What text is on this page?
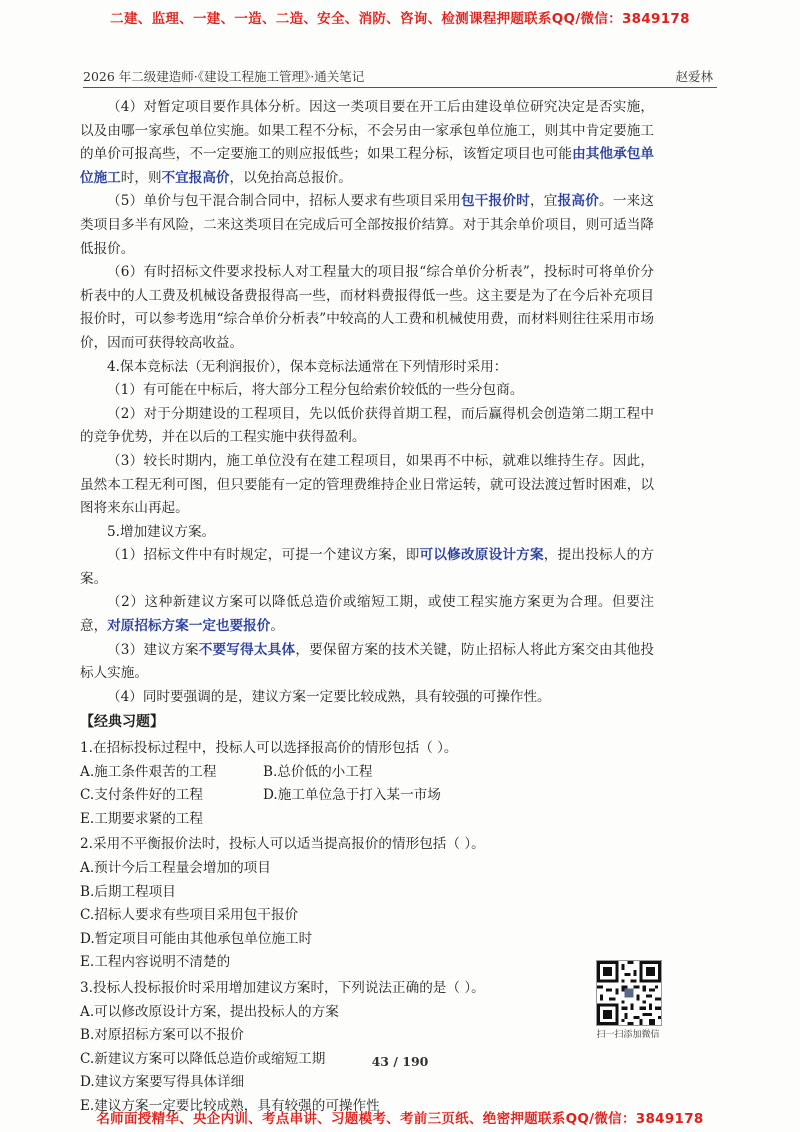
二建、监理、一建、一造、二造、安全、消防、咨询、检测课程押题联系QQ/微信：3849178
2026 年二级建造师·《建设工程施工管理》·通关笔记	赵爱林

（4）对暂定项目要作具体分析。因这一类项目要在开工后由建设单位研究决定是否实施，以及由哪一家承包单位实施。如果工程不分标，不会另由一家承包单位施工，则其中肯定要施工的单价可报高些，不一定要施工的则应报低些；如果工程分标，该暂定项目也可能由其他承包单位施工时，则不宜报高价，以免抬高总报价。

（5）单价与包干混合制合同中，招标人要求有些项目采用包干报价时，宜报高价。一来这类项目多半有风险，二来这类项目在完成后可全部按报价结算。对于其余单价项目，则可适当降低报价。

（6）有时招标文件要求投标人对工程量大的项目报“综合单价分析表”，投标时可将单价分析表中的人工费及机械设备费报得高一些，而材料费报得低一些。这主要是为了在今后补充项目报价时，可以参考选用“综合单价分析表”中较高的人工费和机械使用费，而材料则往往采用市场价，因而可获得较高收益。

4.保本竞标法（无利润报价），保本竞标法通常在下列情形时采用：

（1）有可能在中标后，将大部分工程分包给索价较低的一些分包商。

（2）对于分期建设的工程项目，先以低价获得首期工程，而后赢得机会创造第二期工程中的竞争优势，并在以后的工程实施中获得盈利。

（3）较长时期内，施工单位没有在建工程项目，如果再不中标，就难以维持生存。因此，虽然本工程无利可图，但只要能有一定的管理费维持企业日常运转，就可设法渡过暂时困难，以图将来东山再起。

5.增加建议方案。

（1）招标文件中有时规定，可提一个建议方案，即可以修改原设计方案，提出投标人的方案。

（2）这种新建议方案可以降低总造价或缩短工期，或使工程实施方案更为合理。但要注意，对原招标方案一定也要报价。

（3）建议方案不要写得太具体，要保留方案的技术关键，防止招标人将此方案交由其他投标人实施。

（4）同时要强调的是，建议方案一定要比较成熟，具有较强的可操作性。

【经典习题】

1.在招标投标过程中，投标人可以选择报高价的情形包括（ ）。

A.施工条件艰苦的工程	B.总价低的小工程
C.支付条件好的工程	D.施工单位急于打入某一市场

E.工期要求紧的工程

2.采用不平衡报价法时，投标人可以适当提高报价的情形包括（ ）。

A.预计今后工程量会增加的项目

B.后期工程项目

C.招标人要求有些项目采用包干报价

D.暂定项目可能由其他承包单位施工时

E.工程内容说明不清楚的

3.投标人投标报价时采用增加建议方案时，下列说法正确的是（ ）。

A.可以修改原设计方案，提出投标人的方案

B.对原招标方案可以不报价

C.新建议方案可以降低总造价或缩短工期

D.建议方案要写得具体详细

E.建议方案一定要比较成熟，具有较强的可操作性

扫一扫添加微信
43 / 190
名师面授精华、央企内训、考点串讲、习题模考、考前三页纸、绝密押题联系QQ/微信：3849178
